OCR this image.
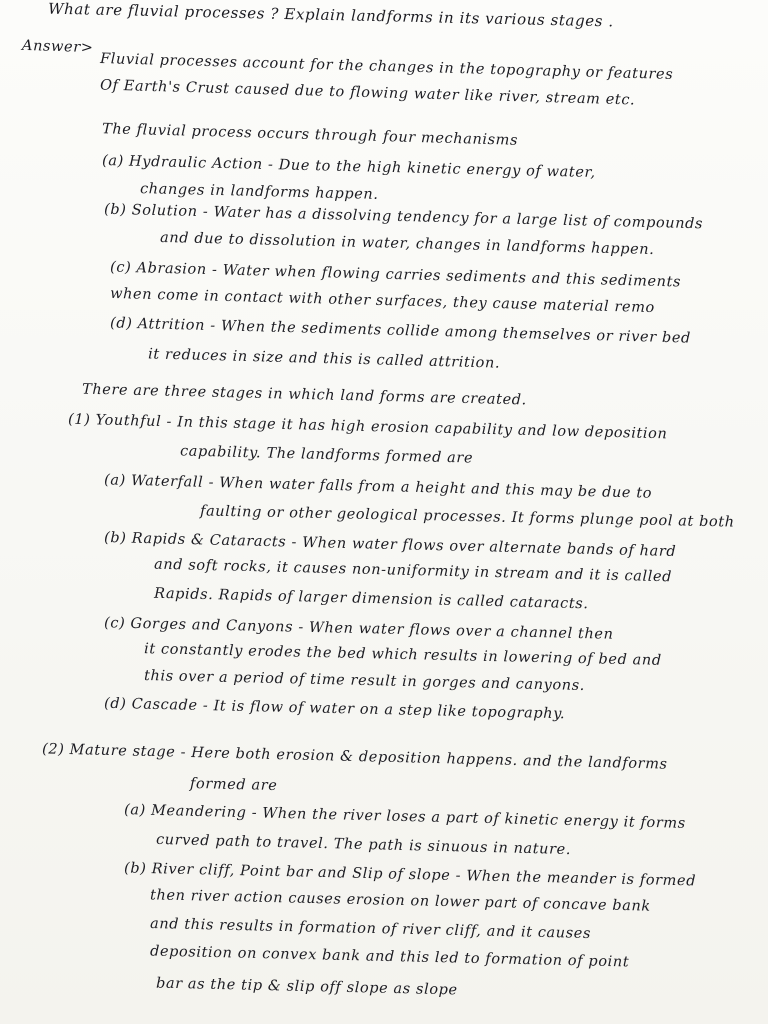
What are fluvial processes ? Explain landforms in its various stages .
Answer>
Fluvial processes account for the changes in the topography or features
Of Earth's Crust caused due to flowing water like river, stream etc.
The fluvial process occurs through four mechanisms
(a) Hydraulic Action - Due to the high kinetic energy of water,
changes in landforms happen.
(b) Solution - Water has a dissolving tendency for a large list of compounds
and due to dissolution in water, changes in landforms happen.
(c) Abrasion - Water when flowing carries sediments and this sediments
when come in contact with other surfaces, they cause material remo
(d) Attrition - When the sediments collide among themselves or river bed
it reduces in size and this is called attrition.
There are three stages in which land forms are created.
(1) Youthful - In this stage it has high erosion capability and low deposition
capability. The landforms formed are
(a) Waterfall - When water falls from a height and this may be due to
faulting or other geological processes. It forms plunge pool at both
(b) Rapids & Cataracts - When water flows over alternate bands of hard
and soft rocks, it causes non-uniformity in stream and it is called
Rapids. Rapids of larger dimension is called cataracts.
(c) Gorges and Canyons - When water flows over a channel then
it constantly erodes the bed which results in lowering of bed and
this over a period of time result in gorges and canyons.
(d) Cascade - It is flow of water on a step like topography.
(2) Mature stage - Here both erosion & deposition happens. and the landforms
formed are
(a) Meandering - When the river loses a part of kinetic energy it forms
curved path to travel. The path is sinuous in nature.
(b) River cliff, Point bar and Slip of slope - When the meander is formed
then river action causes erosion on lower part of concave bank
and this results in formation of river cliff, and it causes
deposition on convex bank and this led to formation of point
bar as the tip & slip off slope as slope
